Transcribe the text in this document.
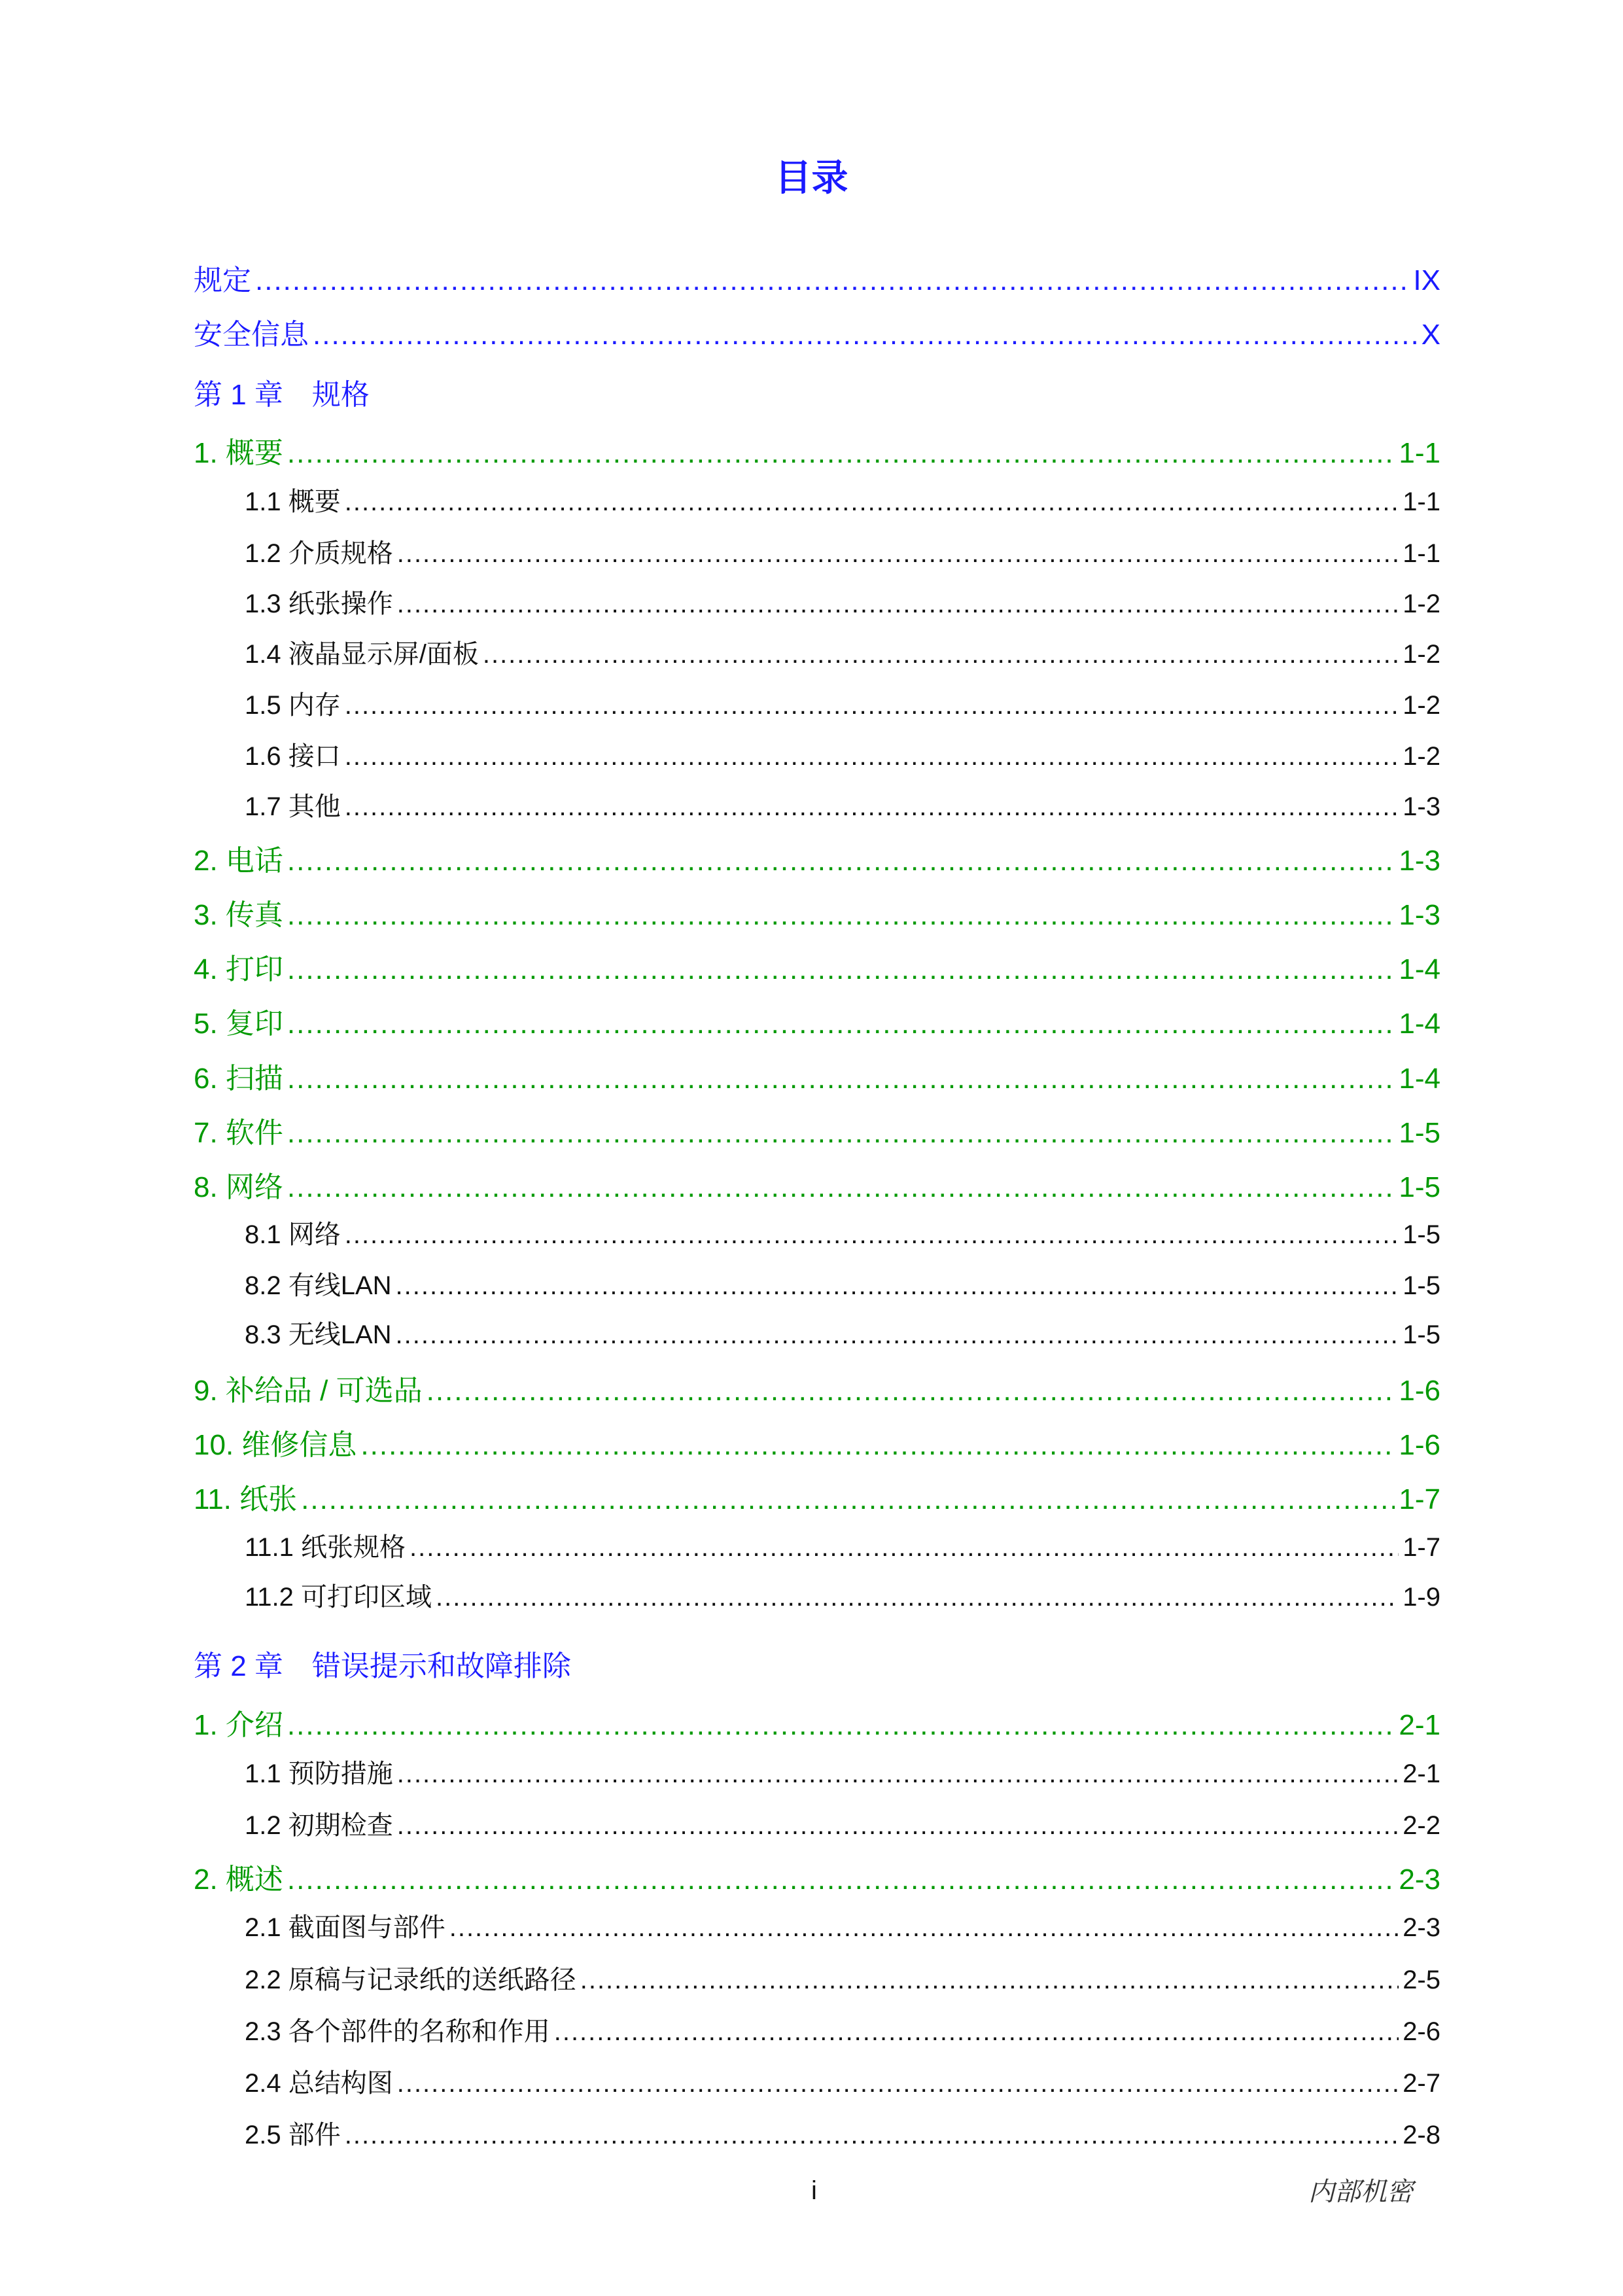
目录
规定 .....	IX
安全信息 .....	X
第 1 章　规格
1. 概要 .....	1-1
1.1 概要 .....	1-1
1.2 介质规格 .....	1-1
1.3 纸张操作 .....	1-2
1.4 液晶显示屏/面板 .....	1-2
1.5 内存 .....	1-2
1.6 接口 .....	1-2
1.7 其他 .....	1-3
2. 电话 .....	1-3
3. 传真 .....	1-3
4. 打印 .....	1-4
5. 复印 .....	1-4
6. 扫描 .....	1-4
7. 软件 .....	1-5
8. 网络 .....	1-5
8.1 网络 .....	1-5
8.2 有线LAN .....	1-5
8.3 无线LAN .....	1-5
9. 补给品 / 可选品 .....	1-6
10. 维修信息 .....	1-6
11. 纸张 .....	1-7
11.1 纸张规格 .....	1-7
11.2 可打印区域 .....	1-9
第 2 章　错误提示和故障排除
1. 介绍 .....	2-1
1.1 预防措施 .....	2-1
1.2 初期检查 .....	2-2
2. 概述 .....	2-3
2.1 截面图与部件 .....	2-3
2.2 原稿与记录纸的送纸路径 .....	2-5
2.3 各个部件的名称和作用 .....	2-6
2.4 总结构图 .....	2-7
2.5 部件 .....	2-8
i	内部机密
